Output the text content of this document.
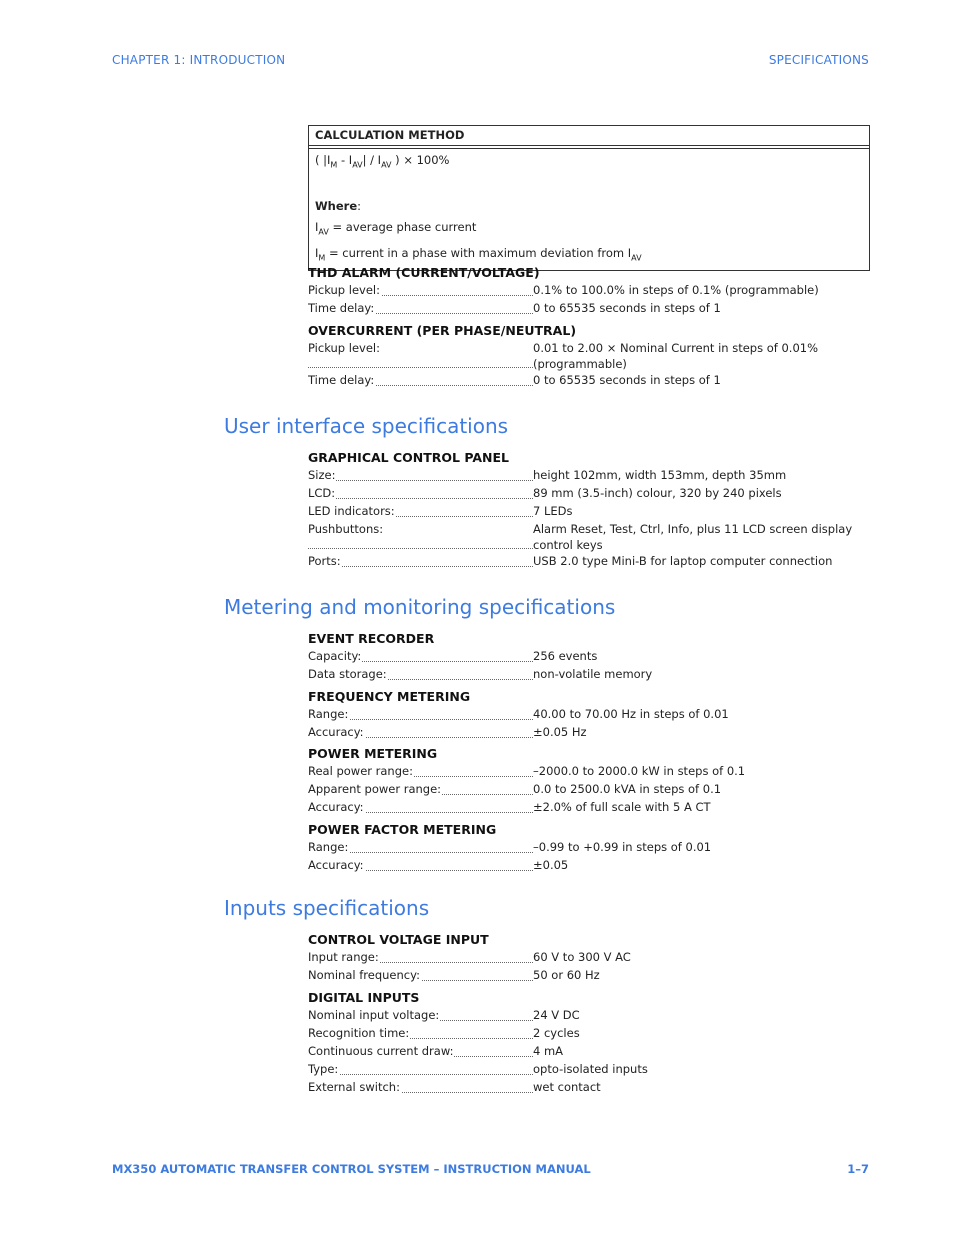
CHAPTER 1: INTRODUCTION	SPECIFICATIONS
CALCULATION METHOD
( $|I_M - I_{AV}| / I_{AV}$ ) × 100%
Where:
$I_{AV}$ = average phase current
$I_M$ = current in a phase with maximum deviation from $I_{AV}$
THD ALARM (CURRENT/VOLTAGE)
Pickup level:	0.1% to 100.0% in steps of 0.1% (programmable)
Time delay:	0 to 65535 seconds in steps of 1
OVERCURRENT (PER PHASE/NEUTRAL)
Pickup level:	0.01 to 2.00 × Nominal Current in steps of 0.01% (programmable)
Time delay:	0 to 65535 seconds in steps of 1
User interface specifications
GRAPHICAL CONTROL PANEL
Size:	height 102mm, width 153mm, depth 35mm
LCD:	89 mm (3.5-inch) colour, 320 by 240 pixels
LED indicators:	7 LEDs
Pushbuttons:	Alarm Reset, Test, Ctrl, Info, plus 11 LCD screen display control keys
Ports:	USB 2.0 type Mini-B for laptop computer connection
Metering and monitoring specifications
EVENT RECORDER
Capacity:	256 events
Data storage:	non-volatile memory
FREQUENCY METERING
Range:	40.00 to 70.00 Hz in steps of 0.01
Accuracy:	±0.05 Hz
POWER METERING
Real power range:	–2000.0 to 2000.0 kW in steps of 0.1
Apparent power range:	0.0 to 2500.0 kVA in steps of 0.1
Accuracy:	±2.0% of full scale with 5 A CT
POWER FACTOR METERING
Range:	–0.99 to +0.99 in steps of 0.01
Accuracy:	±0.05
Inputs specifications
CONTROL VOLTAGE INPUT
Input range:	60 V to 300 V AC
Nominal frequency:	50 or 60 Hz
DIGITAL INPUTS
Nominal input voltage:	24 V DC
Recognition time:	2 cycles
Continuous current draw:	4 mA
Type:	opto-isolated inputs
External switch:	wet contact
MX350 AUTOMATIC TRANSFER CONTROL SYSTEM – INSTRUCTION MANUAL	1–7
